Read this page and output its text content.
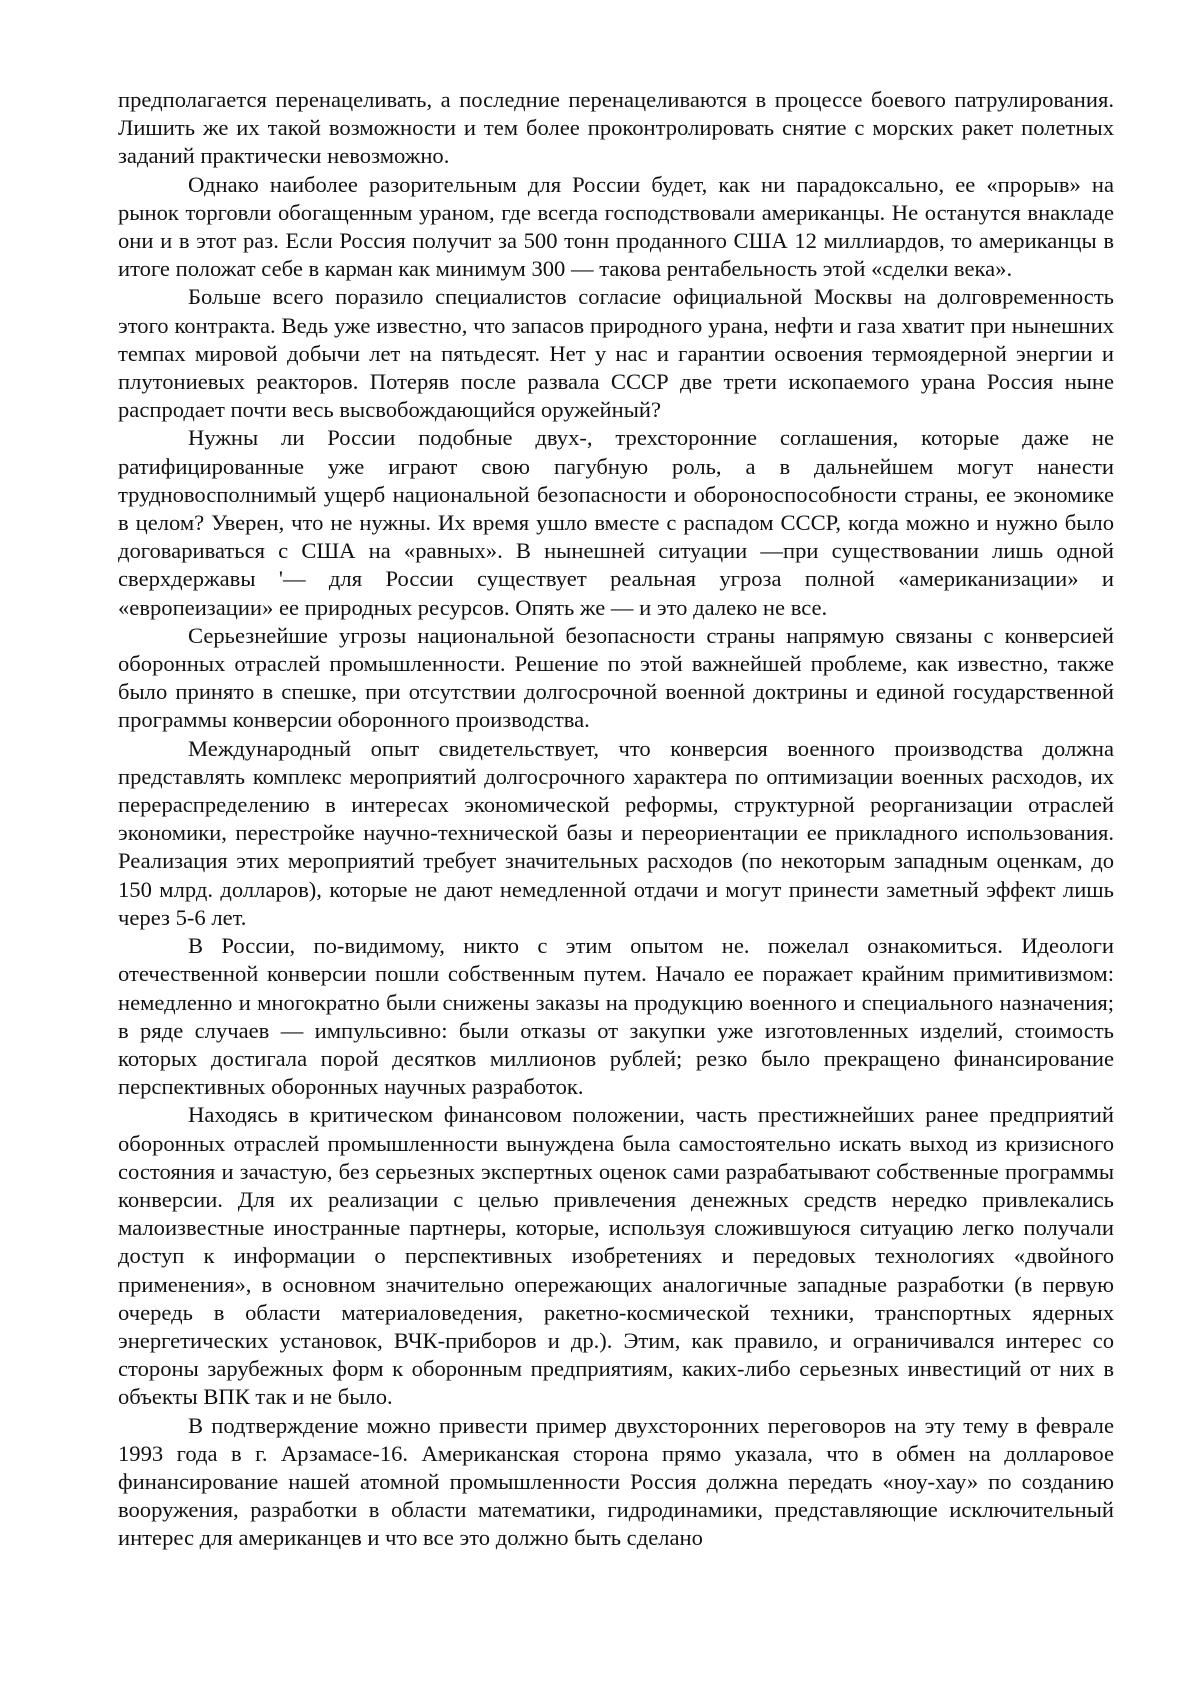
предполагается перенацеливать, а последние перенацеливаются в процессе боевого патрулирования. Лишить же их такой возможности и тем более проконтролировать снятие с морских ракет полетных заданий практически невозможно.

Однако наиболее разорительным для России будет, как ни парадоксально, ее «прорыв» на рынок торговли обогащенным ураном, где всегда господствовали американцы. Не останутся внакладе они и в этот раз. Если Россия получит за 500 тонн проданного США 12 миллиардов, то американцы в итоге положат себе в карман как минимум 300 — такова рентабельность этой «сделки века».

Больше всего поразило специалистов согласие официальной Москвы на долговременность этого контракта. Ведь уже известно, что запасов природного урана, нефти и газа хватит при нынешних темпах мировой добычи лет на пятьдесят. Нет у нас и гарантии освоения термоядерной энергии и плутониевых реакторов. Потеряв после развала СССР две трети ископаемого урана Россия ныне распродает почти весь высвобождающийся оружейный?

Нужны ли России подобные двух-, трехсторонние соглашения, которые даже не ратифицированные уже играют свою пагубную роль, а в дальнейшем могут нанести трудновосполнимый ущерб национальной безопасности и обороноспособности страны, ее экономике в целом? Уверен, что не нужны. Их время ушло вместе с распадом СССР, когда можно и нужно было договариваться с США на «равных». В нынешней ситуации —при существовании лишь одной сверхдержавы '— для России существует реальная угроза полной «американизации» и «европеизации» ее природных ресурсов. Опять же — и это далеко не все.

Серьезнейшие угрозы национальной безопасности страны напрямую связаны с конверсией оборонных отраслей промышленности. Решение по этой важнейшей проблеме, как известно, также было принято в спешке, при отсутствии долгосрочной военной доктрины и единой государственной программы конверсии оборонного производства.

Международный опыт свидетельствует, что конверсия военного производства должна представлять комплекс мероприятий долгосрочного характера по оптимизации военных расходов, их перераспределению в интересах экономической реформы, структурной реорганизации отраслей экономики, перестройке научно-технической базы и переориентации ее прикладного использования. Реализация этих мероприятий требует значительных расходов (по некоторым западным оценкам, до 150 млрд. долларов), которые не дают немедленной отдачи и могут принести заметный эффект лишь через 5-6 лет.

В России, по-видимому, никто с этим опытом не. пожелал ознакомиться. Идеологи отечественной конверсии пошли собственным путем. Начало ее поражает крайним примитивизмом: немедленно и многократно были снижены заказы на продукцию военного и специального назначения; в ряде случаев — импульсивно: были отказы от закупки уже изготовленных изделий, стоимость которых достигала порой десятков миллионов рублей; резко было прекращено финансирование перспективных оборонных научных разработок.

Находясь в критическом финансовом положении, часть престижнейших ранее предприятий оборонных отраслей промышленности вынуждена была самостоятельно искать выход из кризисного состояния и зачастую, без серьезных экспертных оценок сами разрабатывают собственные программы конверсии. Для их реализации с целью привлечения денежных средств нередко привлекались малоизвестные иностранные партнеры, которые, используя сложившуюся ситуацию легко получали доступ к информации о перспективных изобретениях и передовых технологиях «двойного применения», в основном значительно опережающих аналогичные западные разработки (в первую очередь в области материаловедения, ракетно-космической техники, транспортных ядерных энергетических установок, ВЧК-приборов и др.). Этим, как правило, и ограничивался интерес со стороны зарубежных форм к оборонным предприятиям, каких-либо серьезных инвестиций от них в объекты ВПК так и не было.

В подтверждение можно привести пример двухсторонних переговоров на эту тему в феврале 1993 года в г. Арзамасе-16. Американская сторона прямо указала, что в обмен на долларовое финансирование нашей атомной промышленности Россия должна передать «ноу-хау» по созданию вооружения, разработки в области математики, гидродинамики, представляющие исключительный интерес для американцев и что все это должно быть сделано
